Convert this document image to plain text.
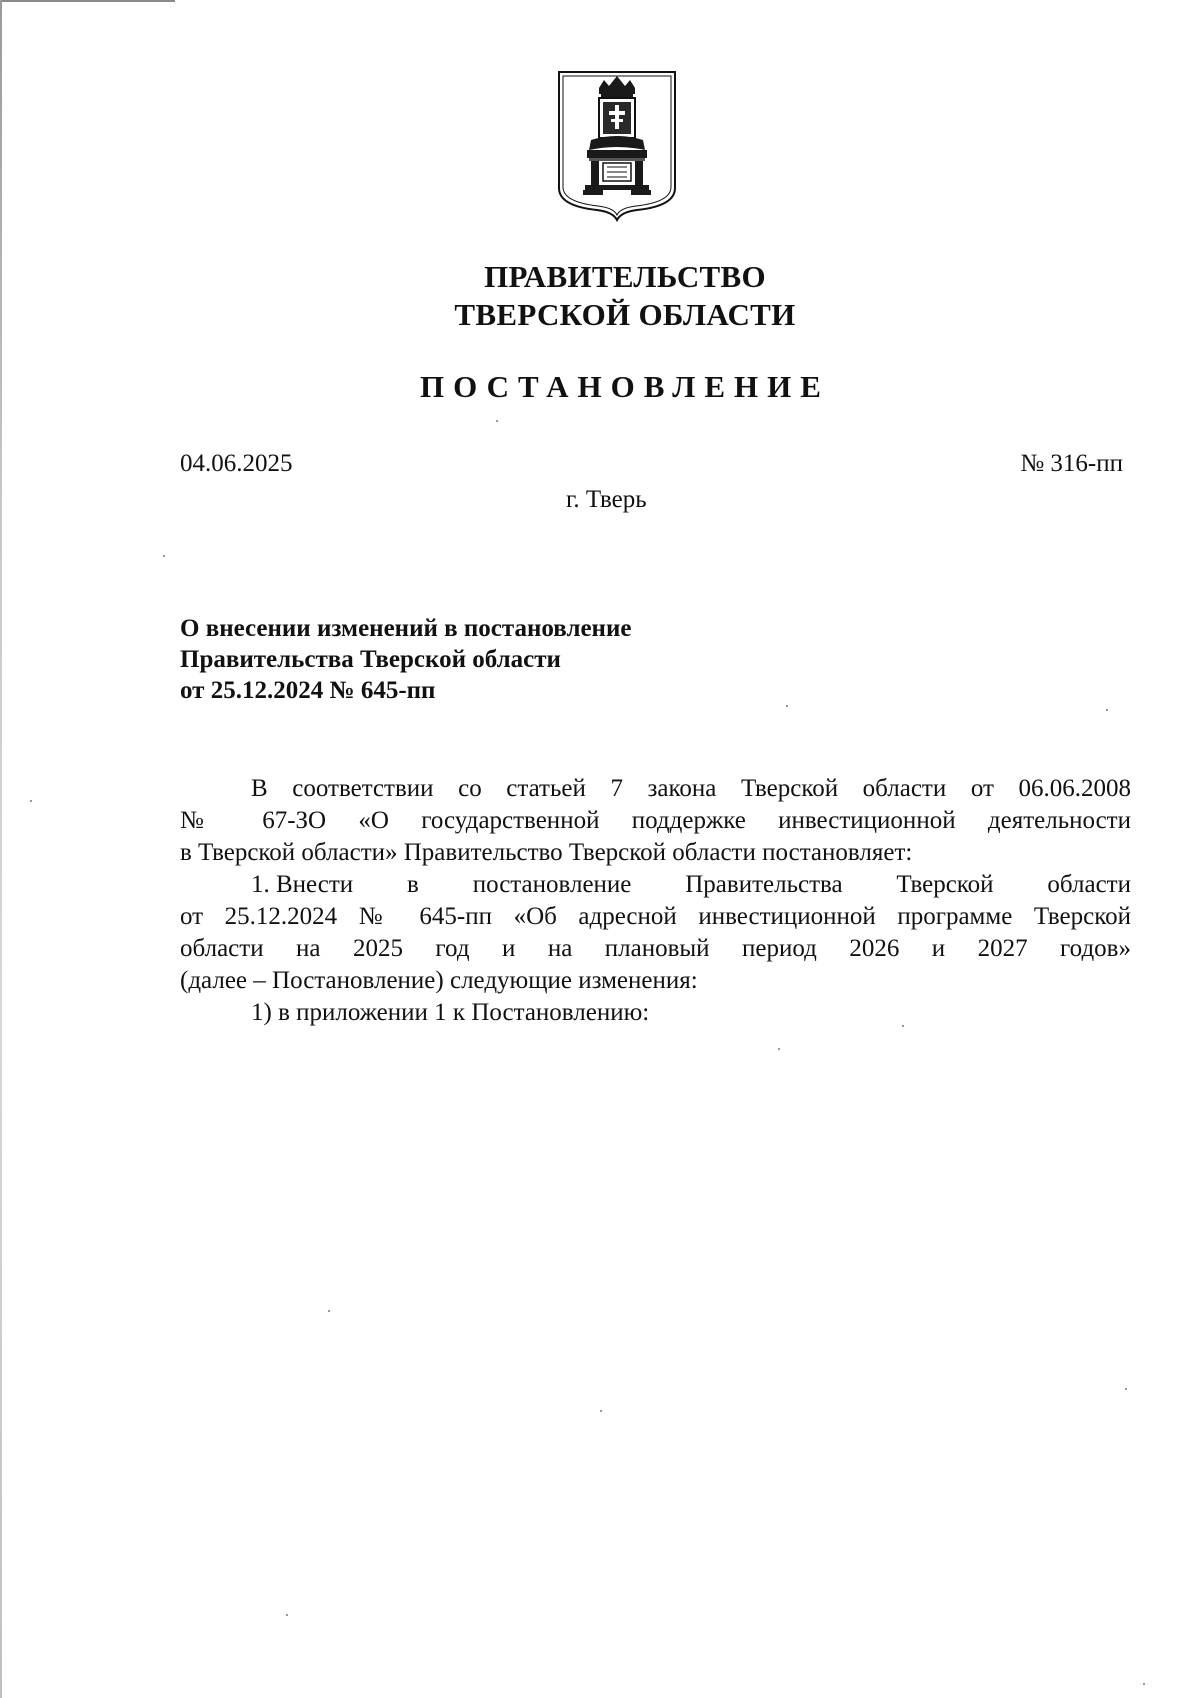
ПРАВИТЕЛЬСТВО
ТВЕРСКОЙ ОБЛАСТИ
ПОСТАНОВЛЕНИЕ
04.06.2025	№ 316-пп
г. Тверь
О внесении изменений в постановление
Правительства Тверской области
от 25.12.2024 № 645-пп
В соответствии со статьей 7 закона Тверской области от 06.06.2008
№ 67-ЗО «О государственной поддержке инвестиционной деятельности
в Тверской области» Правительство Тверской области постановляет:
1. Внести в постановление Правительства Тверской области
от 25.12.2024 № 645-пп «Об адресной инвестиционной программе Тверской
области на 2025 год и на плановый период 2026 и 2027 годов»
(далее – Постановление) следующие изменения:
1) в приложении 1 к Постановлению:
